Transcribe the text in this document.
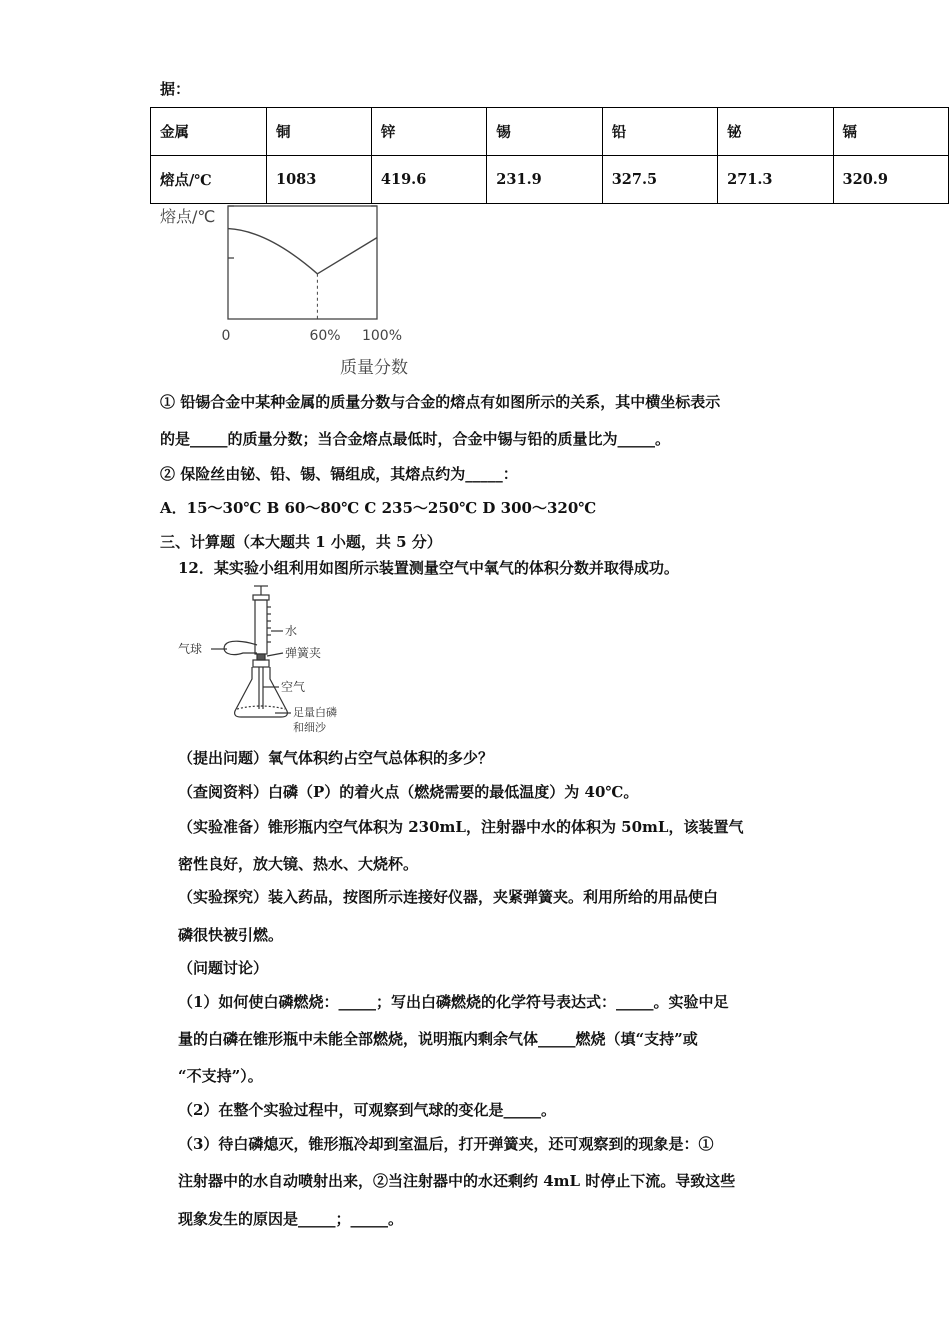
据：
金属	铜	锌	锡	铅	铋	镉
熔点/℃	1083	419.6	231.9	327.5	271.3	320.9
熔点/℃
0	60% 100%
质量分数
① 铅锡合金中某种金属的质量分数与合金的熔点有如图所示的关系，其中横坐标表示
的是_____的质量分数；当合金熔点最低时，合金中锡与铅的质量比为_____。
② 保险丝由铋、铅、锡、镉组成，其熔点约为_____：
A．15～30℃ B 60～80℃ C 235～250℃ D 300～320℃
三、计算题（本大题共 1 小题，共 5 分）
12．某实验小组利用如图所示装置测量空气中氧气的体积分数并取得成功。
气球
水
弹簧夹
空气
足量白磷
和细沙
（提出问题）氧气体积约占空气总体积的多少？
（查阅资料）白磷（P）的着火点（燃烧需要的最低温度）为 40℃。
（实验准备）锥形瓶内空气体积为 230mL，注射器中水的体积为 50mL，该装置气
密性良好，放大镜、热水、大烧杯。
（实验探究）装入药品，按图所示连接好仪器，夹紧弹簧夹。利用所给的用品使白
磷很快被引燃。
（问题讨论）
（1）如何使白磷燃烧：_____；写出白磷燃烧的化学符号表达式：_____。实验中足
量的白磷在锥形瓶中未能全部燃烧，说明瓶内剩余气体_____燃烧（填“支持”或
“不支持”）。
（2）在整个实验过程中，可观察到气球的变化是_____。
（3）待白磷熄灭，锥形瓶冷却到室温后，打开弹簧夹，还可观察到的现象是：①
注射器中的水自动喷射出来，②当注射器中的水还剩约 4mL 时停止下流。导致这些
现象发生的原因是_____；_____。
